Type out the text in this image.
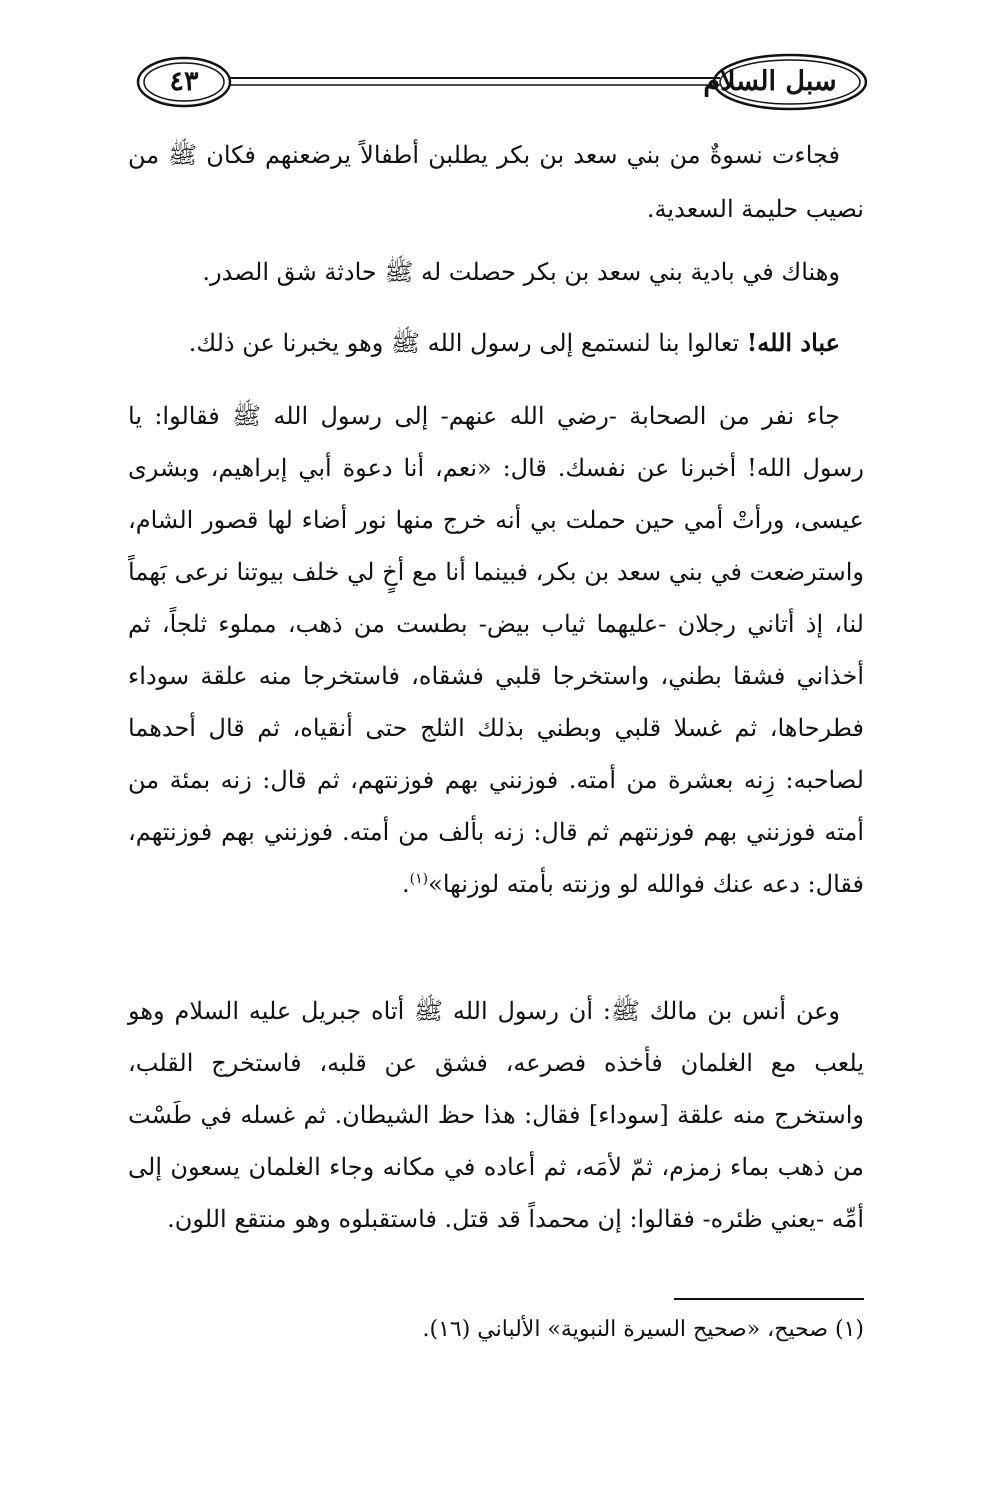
٤٣	سبل السلام
فجاءت نسوةٌ من بني سعد بن بكر يطلبن أطفالاً يرضعنهم فكان ﷺ من نصيب حليمة السعدية.
وهناك في بادية بني سعد بن بكر حصلت له ﷺ حادثة شق الصدر.
عباد الله! تعالوا بنا لنستمع إلى رسول الله ﷺ وهو يخبرنا عن ذلك.
جاء نفر من الصحابة -رضي الله عنهم- إلى رسول الله ﷺ فقالوا: يا رسول الله! أخبرنا عن نفسك. قال: «نعم، أنا دعوة أبي إبراهيم، وبشرى عيسى، ورأتْ أمي حين حملت بي أنه خرج منها نور أضاء لها قصور الشام، واسترضعت في بني سعد بن بكر، فبينما أنا مع أخٍ لي خلف بيوتنا نرعى بَهماً لنا، إذ أتاني رجلان -عليهما ثياب بيض- بطست من ذهب، مملوء ثلجاً، ثم أخذاني فشقا بطني، واستخرجا قلبي فشقاه، فاستخرجا منه علقة سوداء فطرحاها، ثم غسلا قلبي وبطني بذلك الثلج حتى أنقياه، ثم قال أحدهما لصاحبه: زِنه بعشرة من أمته. فوزنني بهم فوزنتهم، ثم قال: زنه بمئة من أمته فوزنني بهم فوزنتهم ثم قال: زنه بألف من أمته. فوزنني بهم فوزنتهم، فقال: دعه عنك فوالله لو وزنته بأمته لوزنها»$^{(١)}$.
وعن أنس بن مالك ﷺ: أن رسول الله ﷺ أتاه جبريل عليه السلام وهو يلعب مع الغلمان فأخذه فصرعه، فشق عن قلبه، فاستخرج القلب، واستخرج منه علقة [سوداء] فقال: هذا حظ الشيطان. ثم غسله في طَسْت من ذهب بماء زمزم، ثمّ لأمَه، ثم أعاده في مكانه وجاء الغلمان يسعون إلى أمِّه -يعني ظئره- فقالوا: إن محمداً قد قتل. فاستقبلوه وهو منتقع اللون.
(١) صحيح، «صحيح السيرة النبوية» الألباني (١٦).
